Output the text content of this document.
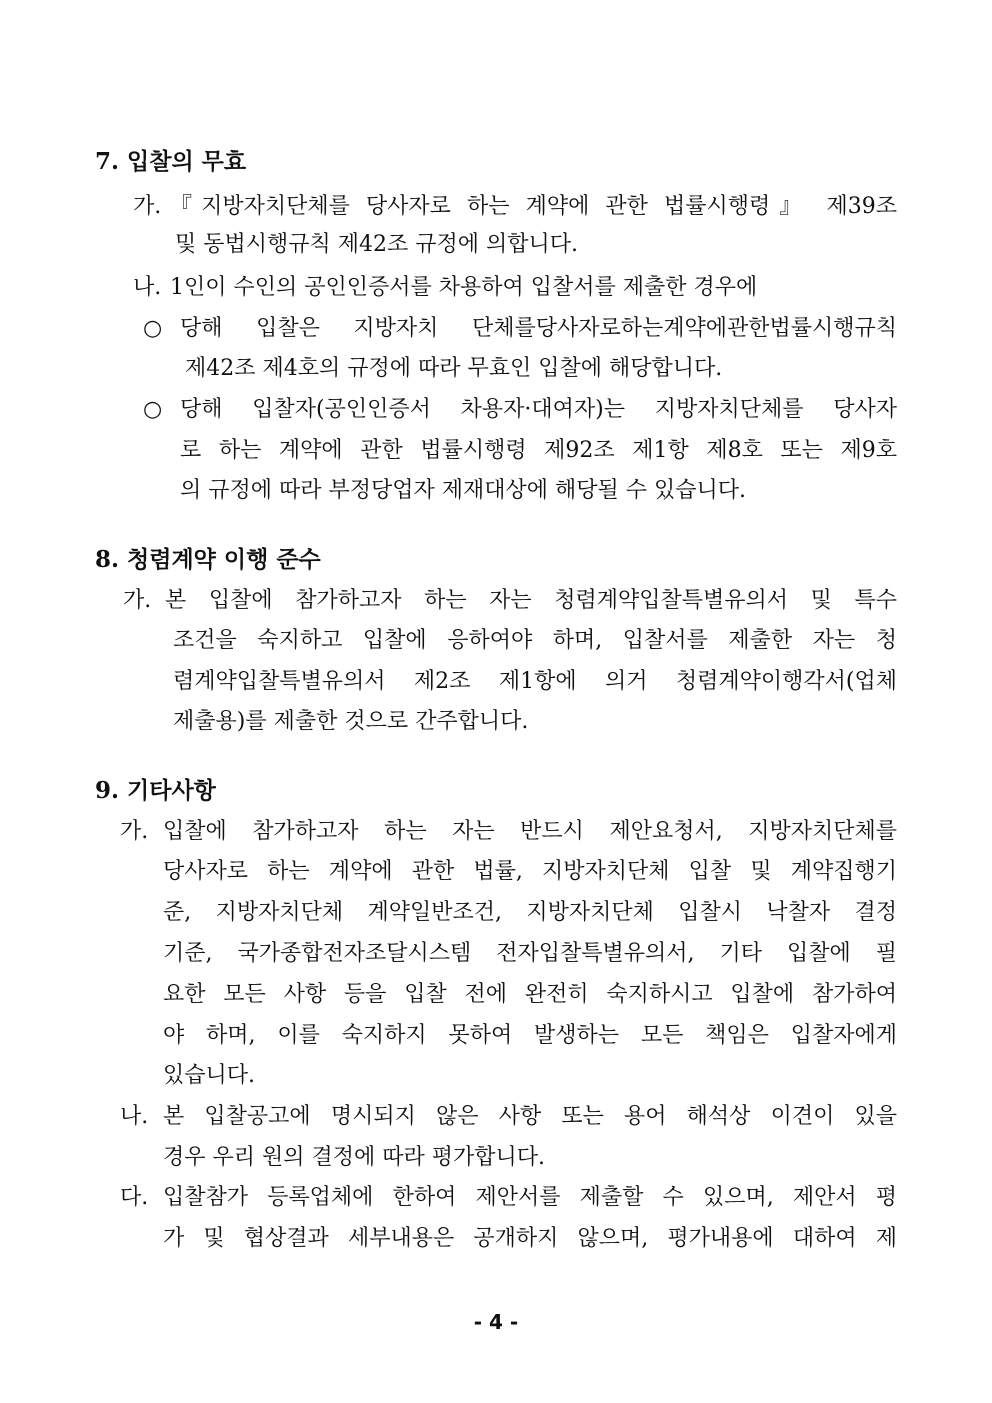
7. 입찰의 무효
가. 『지방자치단체를 당사자로 하는 계약에 관한 법률시행령』 제39조
및 동법시행규칙 제42조 규정에 의합니다.
나. 1인이 수인의 공인인증서를 차용하여 입찰서를 제출한 경우에
○ 당해 입찰은 지방자치 단체를당사자로하는계약에관한법률시행규칙
제42조 제4호의 규정에 따라 무효인 입찰에 해당합니다.
○ 당해 입찰자(공인인증서 차용자·대여자)는 지방자치단체를 당사자
로 하는 계약에 관한 법률시행령 제92조 제1항 제8호 또는 제9호
의 규정에 따라 부정당업자 제재대상에 해당될 수 있습니다.
8. 청렴계약 이행 준수
가. 본 입찰에 참가하고자 하는 자는 청렴계약입찰특별유의서 및 특수
조건을 숙지하고 입찰에 응하여야 하며, 입찰서를 제출한 자는 청
렴계약입찰특별유의서 제2조 제1항에 의거 청렴계약이행각서(업체
제출용)를 제출한 것으로 간주합니다.
9. 기타사항
가. 입찰에 참가하고자 하는 자는 반드시 제안요청서, 지방자치단체를
당사자로 하는 계약에 관한 법률, 지방자치단체 입찰 및 계약집행기
준, 지방자치단체 계약일반조건, 지방자치단체 입찰시 낙찰자 결정
기준, 국가종합전자조달시스템 전자입찰특별유의서, 기타 입찰에 필
요한 모든 사항 등을 입찰 전에 완전히 숙지하시고 입찰에 참가하여
야 하며, 이를 숙지하지 못하여 발생하는 모든 책임은 입찰자에게
있습니다.
나. 본 입찰공고에 명시되지 않은 사항 또는 용어 해석상 이견이 있을
경우 우리 원의 결정에 따라 평가합니다.
다. 입찰참가 등록업체에 한하여 제안서를 제출할 수 있으며, 제안서 평
가 및 협상결과 세부내용은 공개하지 않으며, 평가내용에 대하여 제
- 4 -
